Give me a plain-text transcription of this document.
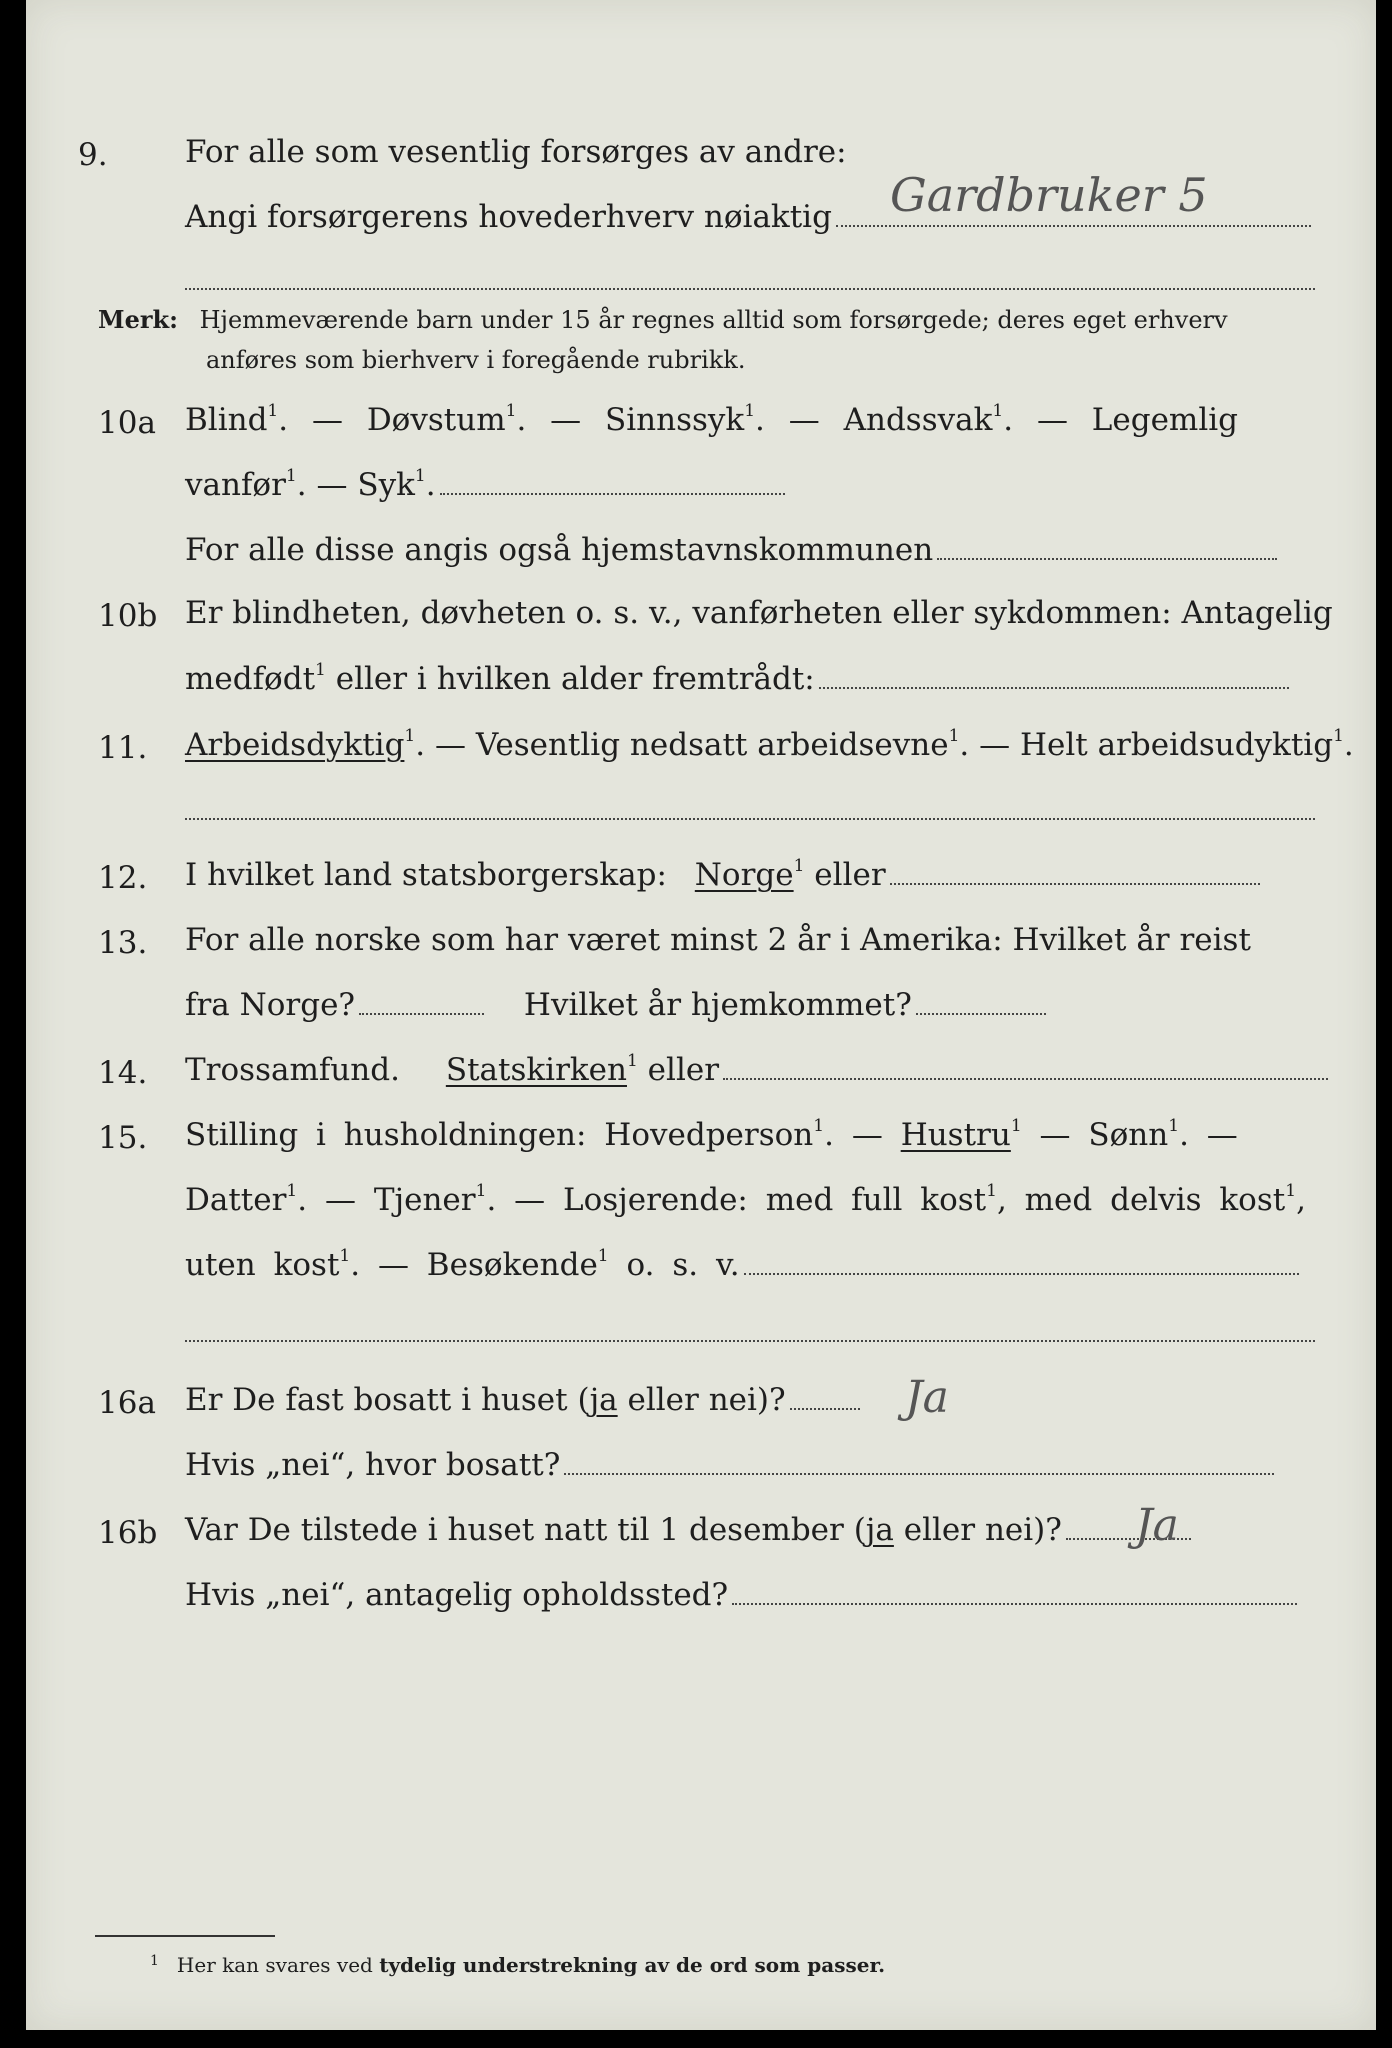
9. For alle som vesentlig forsørges av andre:
Angi forsørgerens hovederhverv nøiaktig	Gardbruker 5
Merk: Hjemmeværende barn under 15 år regnes alltid som forsørgede; deres eget erhverv
anføres som bierhverv i foregående rubrikk.
10a Blind$^1$. — Døvstum$^1$. — Sinnssyk$^1$. — Andssvak$^1$. — Legemlig
vanfør$^1$. — Syk$^1$.
For alle disse angis også hjemstavnskommunen
10b Er blindheten, døvheten o. s. v., vanførheten eller sykdommen: Antagelig
medfødt$^1$ eller i hvilken alder fremtrådt:
11. Arbeidsdyktig$^1$. — Vesentlig nedsatt arbeidsevne$^1$. — Helt arbeidsudyktig$^1$.
12. I hvilket land statsborgerskap: Norge$^1$ eller
13. For alle norske som har været minst 2 år i Amerika: Hvilket år reist
fra Norge?	Hvilket år hjemkommet?
14. Trossamfund. Statskirken$^1$ eller
15. Stilling i husholdningen: Hovedperson$^1$. — Hustru$^1$ — Sønn$^1$. —
Datter$^1$. — Tjener$^1$. — Losjerende: med full kost$^1$, med delvis kost$^1$,
uten kost$^1$. — Besøkende$^1$ o. s. v.
16a Er De fast bosatt i huset (ja eller nei)?	Ja
Hvis „nei“, hvor bosatt?
16b Var De tilstede i huset natt til 1 desember (ja eller nei)?	Ja
Hvis „nei“, antagelig opholdssted?
$^1$ Her kan svares ved tydelig understrekning av de ord som passer.
